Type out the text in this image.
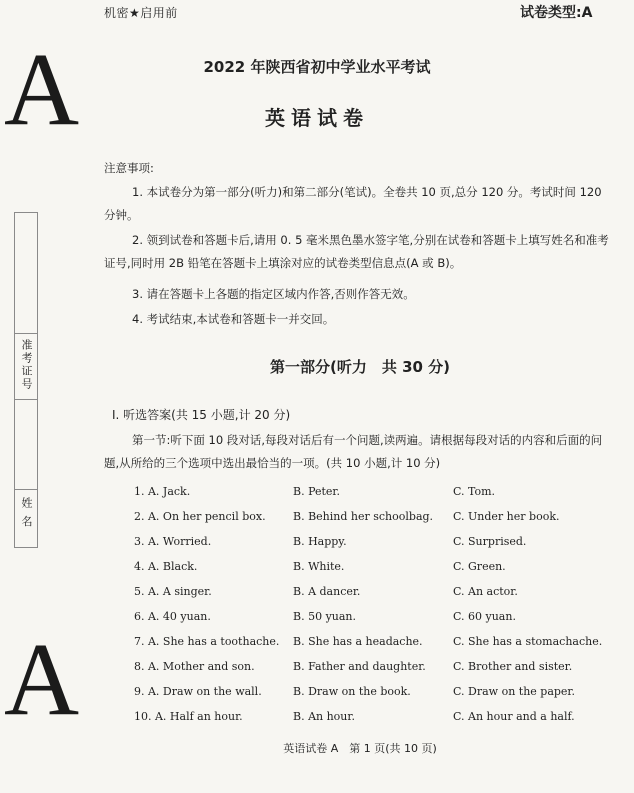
机密★启用前	试卷类型:A
A
A
准考证号
姓 名
2022 年陕西省初中学业水平考试
英语试卷
注意事项:
1. 本试卷分为第一部分(听力)和第二部分(笔试)。全卷共 10 页,总分 120 分。考试时间 120 分钟。
2. 领到试卷和答题卡后,请用 0. 5 毫米黑色墨水签字笔,分别在试卷和答题卡上填写姓名和准考证号,同时用 2B 铅笔在答题卡上填涂对应的试卷类型信息点(A 或 B)。
3. 请在答题卡上各题的指定区域内作答,否则作答无效。
4. 考试结束,本试卷和答题卡一并交回。
第一部分(听力　共 30 分)
Ⅰ. 听选答案(共 15 小题,计 20 分)
第一节:听下面 10 段对话,每段对话后有一个问题,读两遍。请根据每段对话的内容和后面的问题,从所给的三个选项中选出最恰当的一项。(共 10 小题,计 10 分)
1. A. Jack.	B. Peter.	C. Tom.
2. A. On her pencil box. B. Behind her schoolbag. C. Under her book.
3. A. Worried.	B. Happy.	C. Surprised.
4. A. Black.	B. White.	C. Green.
5. A. A singer.	B. A dancer.	C. An actor.
6. A. 40 yuan.	B. 50 yuan.	C. 60 yuan.
7. A. She has a toothache. B. She has a headache.	C. She has a stomachache.
8. A. Mother and son.	B. Father and daughter. C. Brother and sister.
9. A. Draw on the wall.	B. Draw on the book.	C. Draw on the paper.
10. A. Half an hour.	B. An hour.	C. An hour and a half.
英语试卷 A　第 1 页(共 10 页)
